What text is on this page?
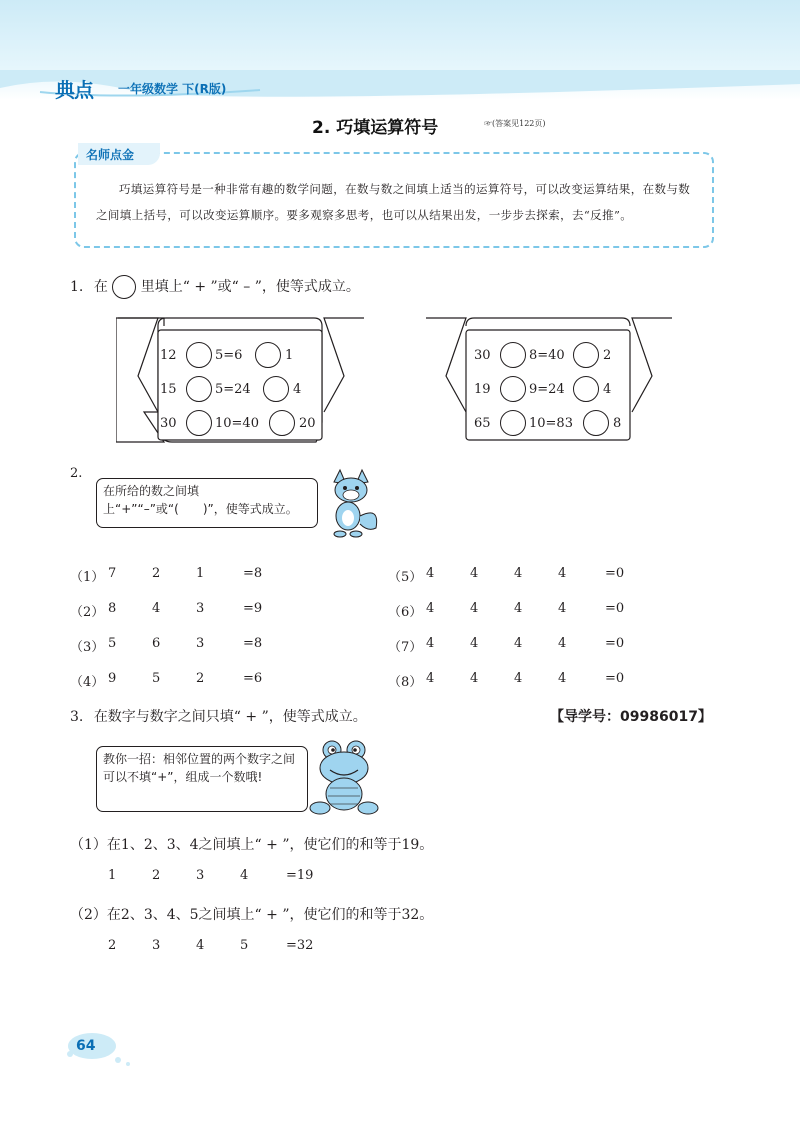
典点 一年级数学 下(R版)
2. 巧填运算符号	☞(答案见122页)
名师点金
巧填运算符号是一种非常有趣的数学问题，在数与数之间填上适当的运算符号，可以改变运算结果，在数与数之间填上括号，可以改变运算顺序。要多观察多思考，也可以从结果出发，一步步去探索，去“反推”。
1. 在 里填上“ + ”或“ – ”，使等式成立。
12	5=6	1
15	5=24	4
30	10=40	20
30	8=40	2
19	9=24	4
65	10=83	8
2.
在所给的数之间填上“+”“–”或“(　　)”，使等式成立。
（1） 7	2	1	=8
（2） 8	4	3	=9
（3） 5	6	3	=8
（4） 9	5	2	=6
（5） 4	4	4	4	=0
（6） 4	4	4	4	=0
（7） 4	4	4	4	=0
（8） 4	4	4	4	=0
3. 在数字与数字之间只填“ + ”，使等式成立。	【导学号：09986017】
教你一招：相邻位置的两个数字之间可以不填“+”，组成一个数哦!
（1）在1、2、3、4之间填上“ + ”，使它们的和等于19。
1	2	3	4	=19
（2）在2、3、4、5之间填上“ + ”，使它们的和等于32。
2	3	4	5	=32
64
